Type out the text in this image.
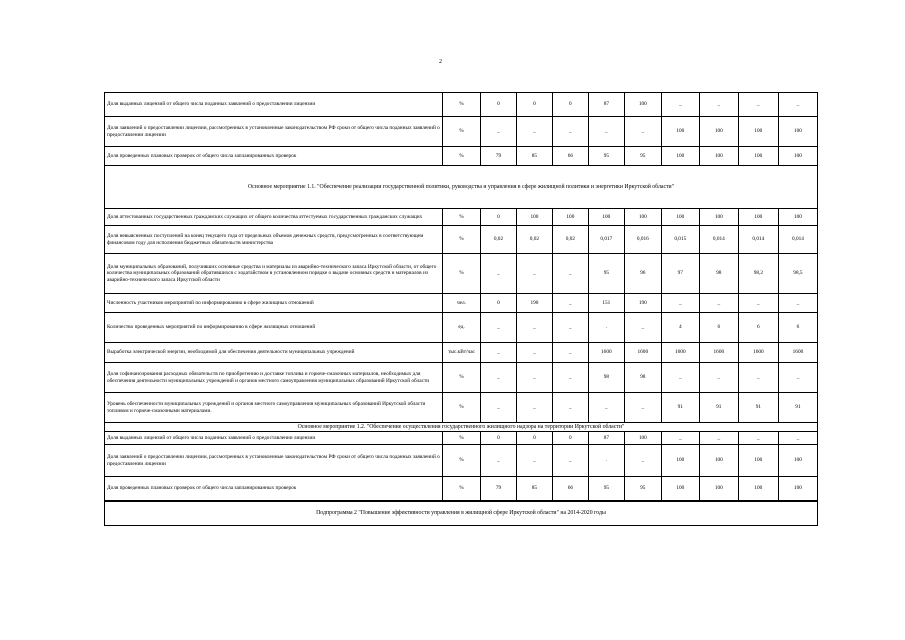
2
Доля выданных лицензий от общего числа поданных заявлений о предоставлении лицензии	%	0	0	0	87	100	_	_	_	_
Доля заявлений о предоставлении лицензии, рассмотренных в установленные законодательством РФ сроки от общего числа поданных заявлений о предоставлении лицензии	%	_	_	_	_	_	100	100	100	100
Доля проведенных плановых проверок от общего числа запланированных проверок	%	79	85	66	95	95	100	100	100	100
Основное мероприятие 1.1. "Обеспечение реализации государственной политики, руководства и управления в сфере жилищной политики и энергетики Иркутской области"										
Доля аттестованных государственных гражданских служащих от общего количества аттестуемых государственных гражданских служащих	%	0	100	100	100	100	100	100	100	100
Доля невыясненных поступлений на конец текущего года от предельных объемов денежных средств, предусмотренных в соответствующем финансовом году для исполнения бюджетных обязательств министерства	%	0,02	0,02	0,02	0,017	0,016	0,015	0,014	0,014	0,014
Доля муниципальных образований, получивших основные средства и материалы из аварийно-технического запаса Иркутской области, от общего количества муниципальных образований обратившихся с ходатайством в установленном порядке о выдаче основных средств и материалов из аварийно-технического запаса Иркутской области	%	_	_	_	95	96	97	98	98,2	98,5
Численность участников мероприятий по информированию в сфере жилищных отношений	чел.	0	190	_	151	190	_	_	_	_
Количество проведенных мероприятий по информированию в сфере жилищных отношений	ед.	_	_	_	.	_	4	6	6	6
Выработка электрической энергии, необходимой для обеспечения деятельности муниципальных учреждений	тыс.кВт/час	_	_	_	1600	1600	1600	1600	1600	1600
Доля софинансирования расходных обязательств по приобретению и доставке топлива и горюче-смазочных материалов, необходимых для обеспечения деятельности муниципальных учреждений и органов местного самоуправления муниципальных образований Иркутской области	%	_	_	_	98	98	_	_	_	_
Уровень обеспеченности муниципальных учреждений и органов местного самоуправления муниципальных образований Иркутской области топливом и горюче-смазочными материалами.	%	_	_	_	_	_	91	91	91	91
Основное мероприятие 1.2. "Обеспечение осуществления государственного жилищного надзора на территории Иркутской области"										
Доля выданных лицензий от общего числа поданных заявлений о предоставлении лицензии	%	0	0	0	87	100	_	_	_	_
Доля заявлений о предоставлении лицензии, рассмотренных в установленные законодательством РФ сроки от общего числа поданных заявлений о предоставлении лицензии	%	_	_	_	.	_	100	100	100	100
Доля проведенных плановых проверок от общего числа запланированных проверок	%	79	85	66	95	95	100	100	100	100
Подпрограмма 2 "Повышение эффективности управления в жилищной сфере Иркутской области" на 2014-2020 годы
